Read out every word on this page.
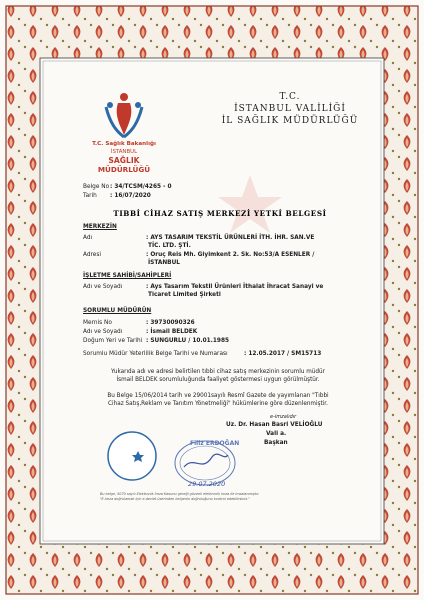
T.C. Sağlık Bakanlığı
İSTANBUL
SAĞLIK
MÜDÜRLÜĞÜ
T.C.
İSTANBUL VALİLİĞİ
İL SAĞLIK MÜDÜRLÜĞÜ
Belge No : 34/TCSM/4265 - 0
Tarih : 16/07/2020
TIBBİ CİHAZ SATIŞ MERKEZİ YETKİ BELGESİ
MERKEZİN
Adı	: AYS TASARIM TEKSTİL ÜRÜNLERİ İTH. İHR. SAN.VE
TİC. LTD. ŞTİ.
Adresi	: Oruç Reis Mh. Giyimkent 2. Sk. No:53/A ESENLER /
İSTANBUL
İŞLETME SAHİBİ/SAHİPLERİ
Adı ve Soyadı	: Ays Tasarım Tekstil Ürünleri İthalat İhracat Sanayi ve
Ticaret Limited Şirketi
SORUMLU MÜDÜRÜN
Mernis No	: 39730090326
Adı ve Soyadı	: İsmail BELDEK
Doğum Yeri ve Tarihi : SUNGURLU / 10.01.1985
Sorumlu Müdür Yeterlilik Belge Tarihi ve Numarası	: 12.05.2017 / SM15713
Yukarıda adı ve adresi belirtilen tıbbi cihaz satış merkezinin sorumlu müdür
İsmail BELDEK sorumluluğunda faaliyet göstermesi uygun görülmüştür.
Bu Belge 15/06/2014 tarih ve 29001sayılı Resmî Gazete de yayımlanan "Tıbbi
Cihaz Satış,Reklam ve Tanıtım Yönetmeliği" hükümlerine göre düzenlenmiştir.
e-imzalıdır
Uz. Dr. Hasan Basri VELİOĞLU
Vali a.
Başkan
Filiz ERDOĞAN
29.07.2020
Bu belge, 5070 sayılı Elektronik İmza Kanunu gereği güvenli elektronik imza ile imzalanmıştır.
"E-imza doğrulamak için e-devlet üzerinden belgenin doğruluğunu kontrol edebilirsiniz."
